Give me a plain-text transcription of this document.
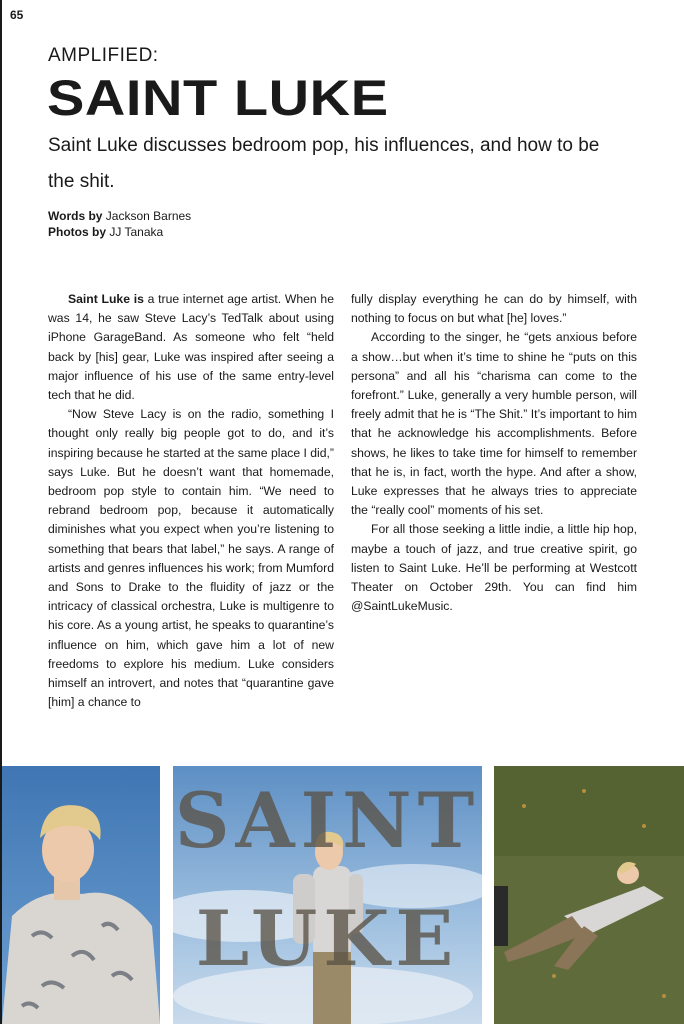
65
AMPLIFIED:
SAINT LUKE

Saint Luke discusses bedroom pop, his influences, and how to be the shit.

Words by Jackson Barnes
Photos by JJ Tanaka

Saint Luke is a true internet age artist. When he was 14, he saw Steve Lacy’s TedTalk about using iPhone GarageBand. As someone who felt “held back by [his] gear, Luke was inspired after seeing a major influence of his use of the same entry-level tech that he did.

“Now Steve Lacy is on the radio, something I thought only really big people got to do, and it’s inspiring because he started at the same place I did,” says Luke. But he doesn’t want that homemade, bedroom pop style to contain him. “We need to rebrand bedroom pop, because it automatically diminishes what you expect when you’re listening to something that bears that label,” he says. A range of artists and genres influences his work; from Mumford and Sons to Drake to the fluidity of jazz or the intricacy of classical orchestra, Luke is multigenre to his core. As a young artist, he speaks to quarantine’s influence on him, which gave him a lot of new freedoms to explore his medium. Luke considers himself an introvert, and notes that “quarantine gave [him] a chance to

fully display everything he can do by himself, with nothing to focus on but what [he] loves.”

According to the singer, he “gets anxious before a show…but when it’s time to shine he “puts on this persona” and all his “charisma can come to the forefront.” Luke, generally a very humble person, will freely admit that he is “The Shit.” It’s important to him that he acknowledge his accomplishments. Before shows, he likes to take time for himself to remember that he is, in fact, worth the hype. And after a show, Luke expresses that he always tries to appreciate the “really cool” moments of his set.

For all those seeking a little indie, a little hip hop, maybe a touch of jazz, and true creative spirit, go listen to Saint Luke. He’ll be performing at Westcott Theater on October 29th. You can find him @SaintLukeMusic.

SAINT
LUKE
